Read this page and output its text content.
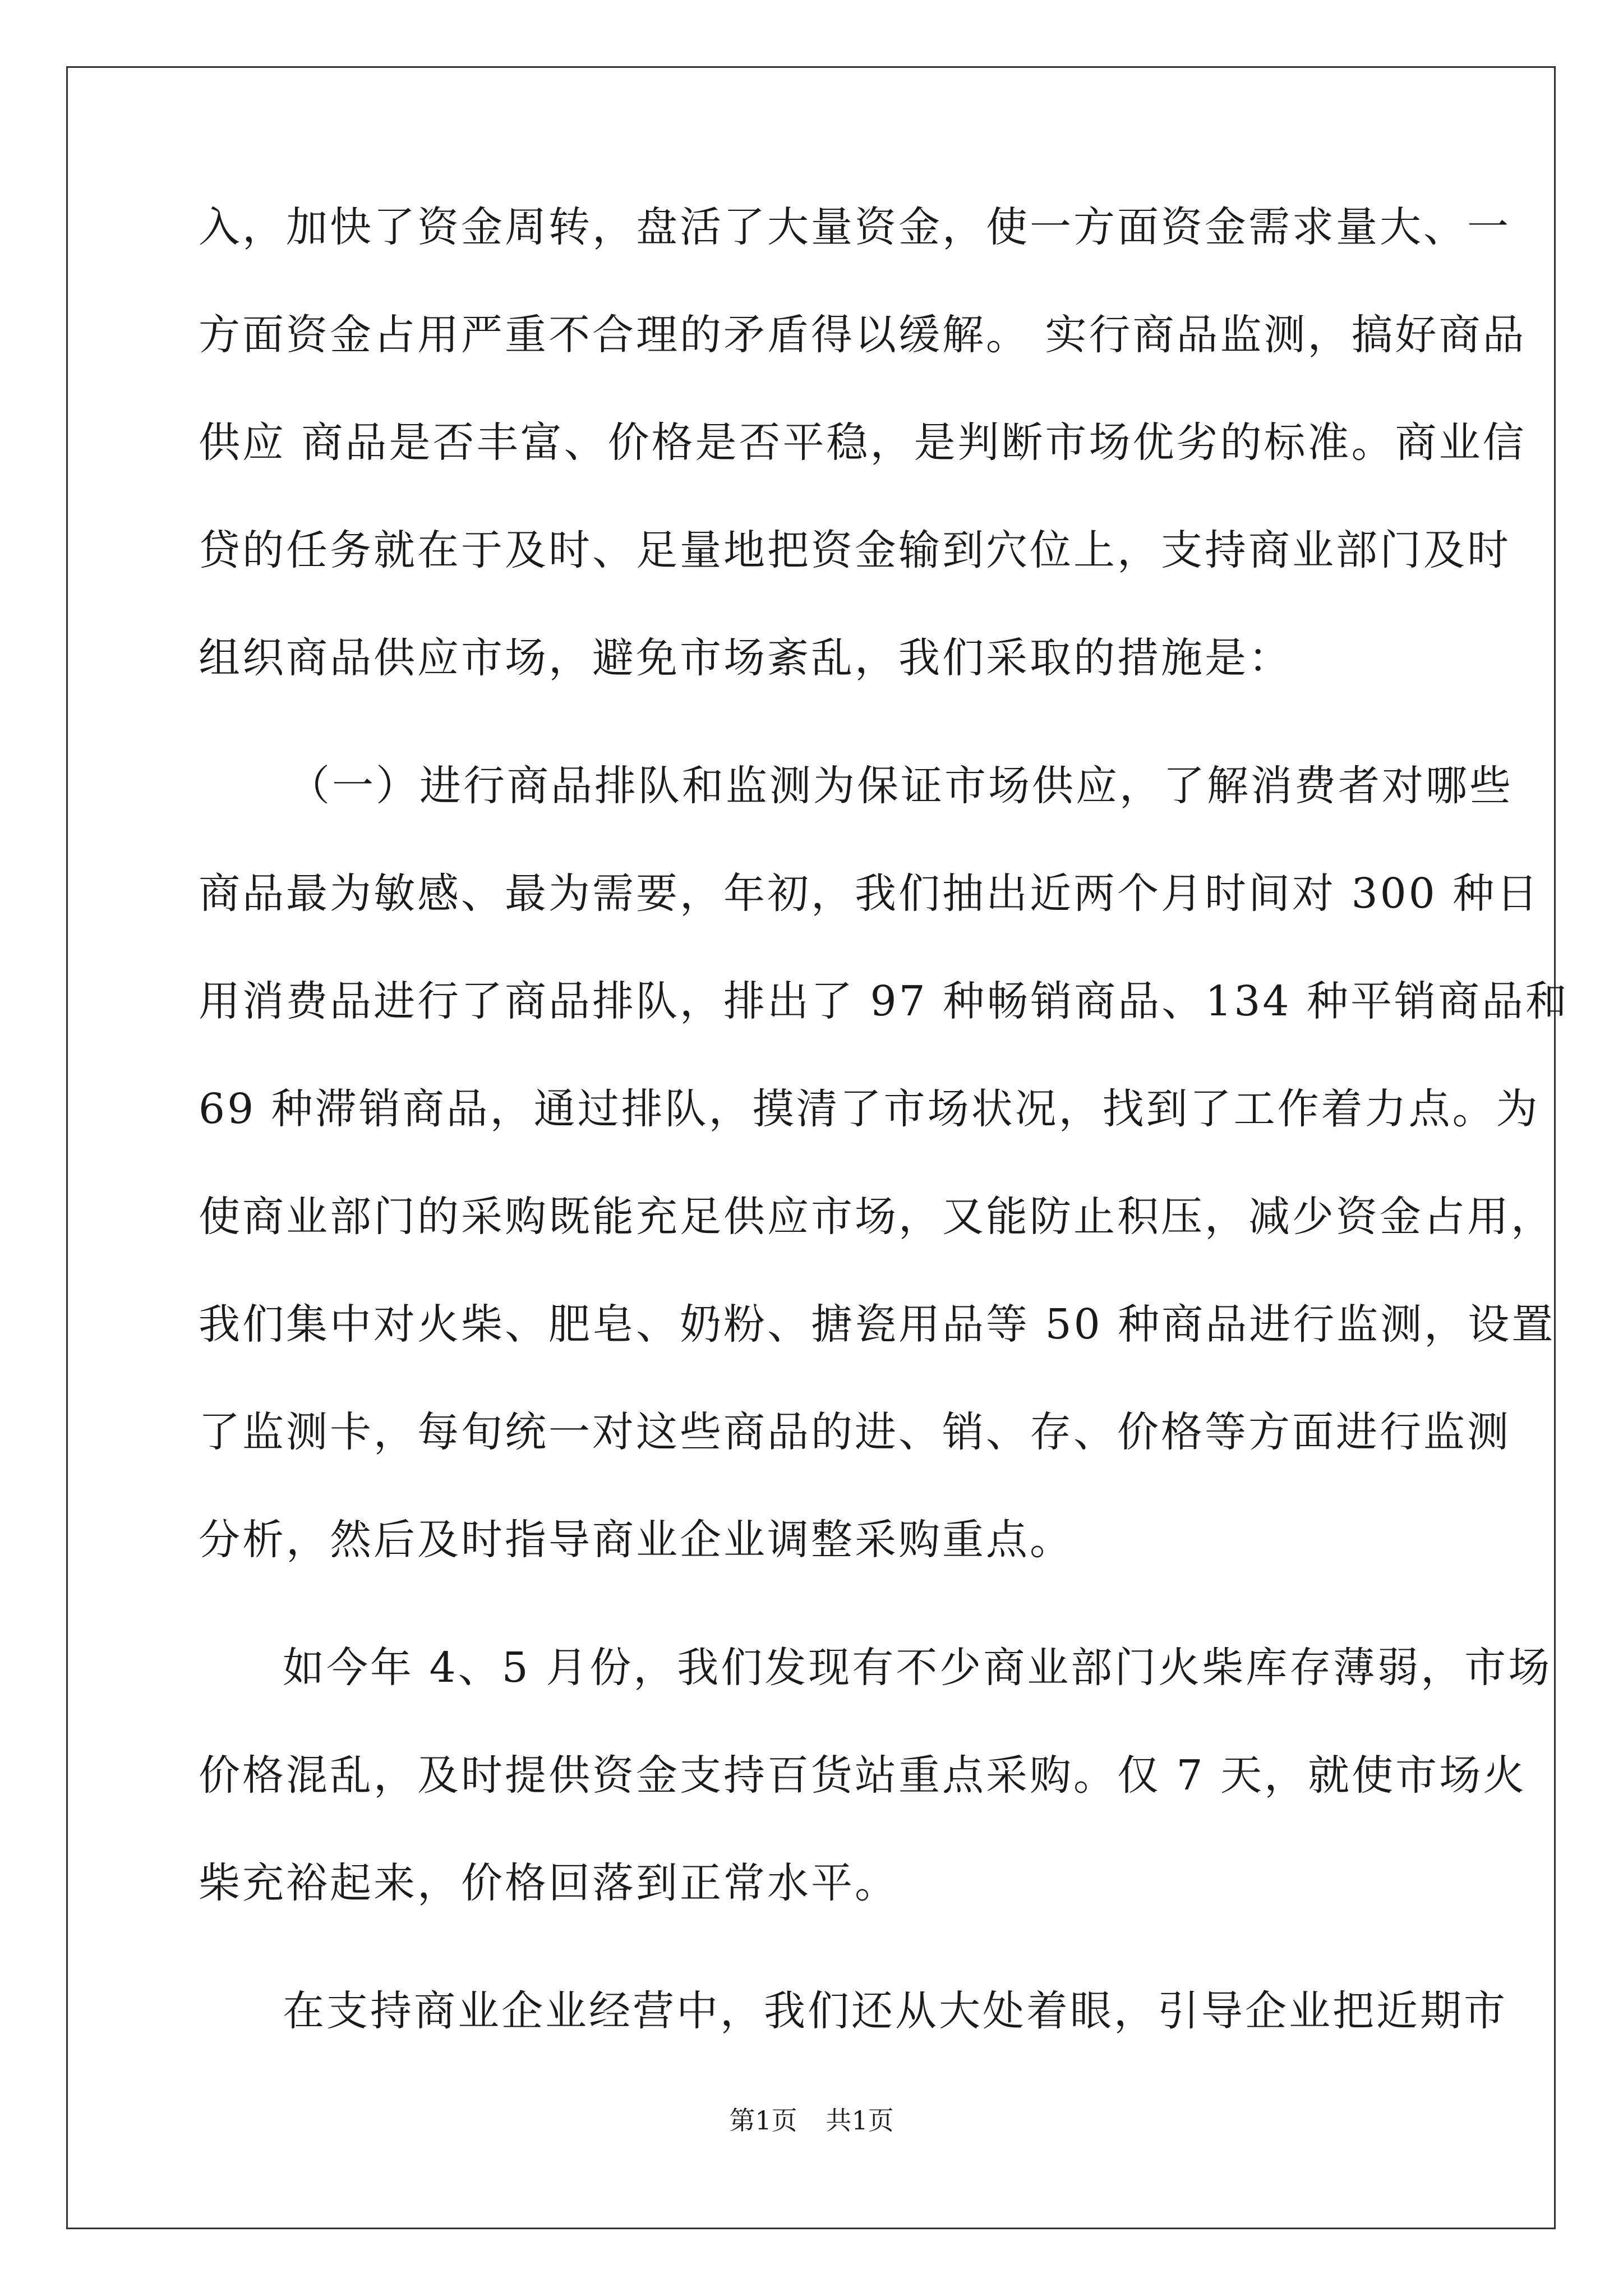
入，加快了资金周转，盘活了大量资金，使一方面资金需求量大、一
方面资金占用严重不合理的矛盾得以缓解。 实行商品监测，搞好商品
供应 商品是否丰富、价格是否平稳，是判断市场优劣的标准。商业信
贷的任务就在于及时、足量地把资金输到穴位上，支持商业部门及时
组织商品供应市场，避免市场紊乱，我们采取的措施是：
（一）进行商品排队和监测为保证市场供应，了解消费者对哪些
商品最为敏感、最为需要，年初，我们抽出近两个月时间对 300 种日
用消费品进行了商品排队，排出了 97 种畅销商品、134 种平销商品和
69 种滞销商品，通过排队，摸清了市场状况，找到了工作着力点。为
使商业部门的采购既能充足供应市场，又能防止积压，减少资金占用，
我们集中对火柴、肥皂、奶粉、搪瓷用品等 50 种商品进行监测，设置
了监测卡，每旬统一对这些商品的进、销、存、价格等方面进行监测
分析，然后及时指导商业企业调整采购重点。
如今年 4、5 月份，我们发现有不少商业部门火柴库存薄弱，市场
价格混乱，及时提供资金支持百货站重点采购。仅 7 天，就使市场火
柴充裕起来，价格回落到正常水平。
在支持商业企业经营中，我们还从大处着眼，引导企业把近期市
第1页 共1页
